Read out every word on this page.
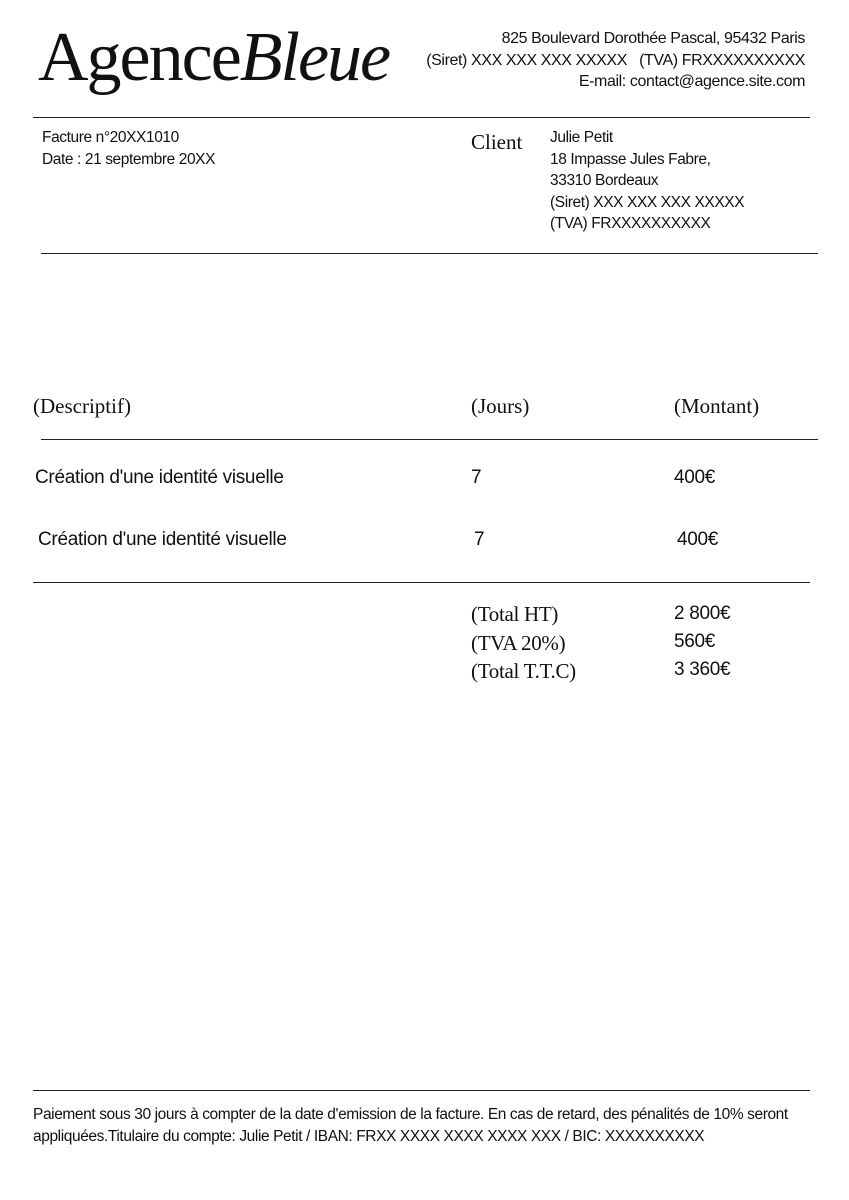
AgenceBleue	825 Boulevard Dorothée Pascal, 95432 Paris
(Siret) XXX XXX XXX XXXXX   (TVA) FRXXXXXXXXXX
E-mail: contact@agence.site.com
Facture n°20XX1010
Date : 21 septembre 20XX
Client Julie Petit
18 Impasse Jules Fabre,
33310 Bordeaux
(Siret) XXX XXX XXX XXXXX
(TVA) FRXXXXXXXXXX
(Descriptif)	(Jours)	(Montant)
Création d'une identité visuelle	7	400€
Création d'une identité visuelle	7	400€
(Total HT)	2 800€
(TVA 20%)	560€
(Total T.T.C)	3 360€
Paiement sous 30 jours à compter de la date d'emission de la facture. En cas de retard, des pénalités de 10% seront appliquées.Titulaire du compte: Julie Petit / IBAN: FRXX XXXX XXXX XXXX XXX / BIC: XXXXXXXXXX
